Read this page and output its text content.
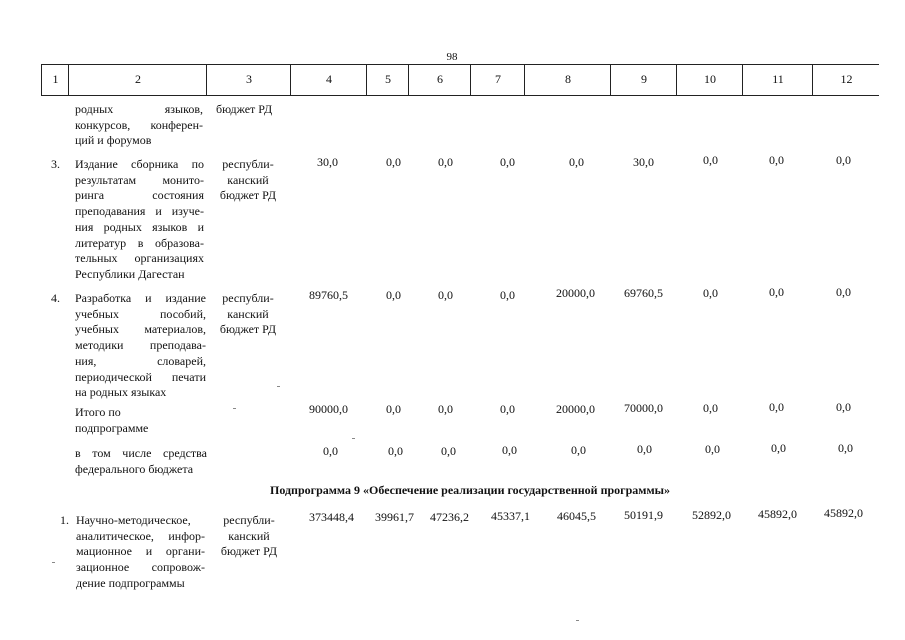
98
1	2	3	4	5	6	7	8	9	10	11	12
родных языков,
конкурсов, конферен-
ций и форумов
бюджет РД
3. Издание сборника по
результатам монито-
ринга состояния
преподавания и изуче-
ния родных языков и
литератур в образова-
тельных организациях
Республики Дагестан
республи-
канский
бюджет РД
30,0	0,0	0,0	0,0	0,0	30,0	0,0	0,0	0,0
4. Разработка и издание
учебных пособий,
учебных материалов,
методики преподава-
ния, словарей,
периодической печати
на родных языках
республи-
канский
бюджет РД
89760,5	0,0	0,0	0,0	20000,0 69760,5	0,0	0,0	0,0
Итого по
подпрограмме
90000,0	0,0	0,0	0,0	20000,0 70000,0	0,0	0,0	0,0
в том числе средства
федерального бюджета
0,0	0,0	0,0	0,0	0,0	0,0	0,0	0,0	0,0
Подпрограмма 9 «Обеспечение реализации государственной программы»
1. Научно-методическое,
аналитическое, инфор-
мационное и органи-
зационное сопровож-
дение подпрограммы
республи-
канский
бюджет РД
373448,4 39961,7 47236,2 45337,1 46045,5 50191,9 52892,0 45892,0 45892,0
